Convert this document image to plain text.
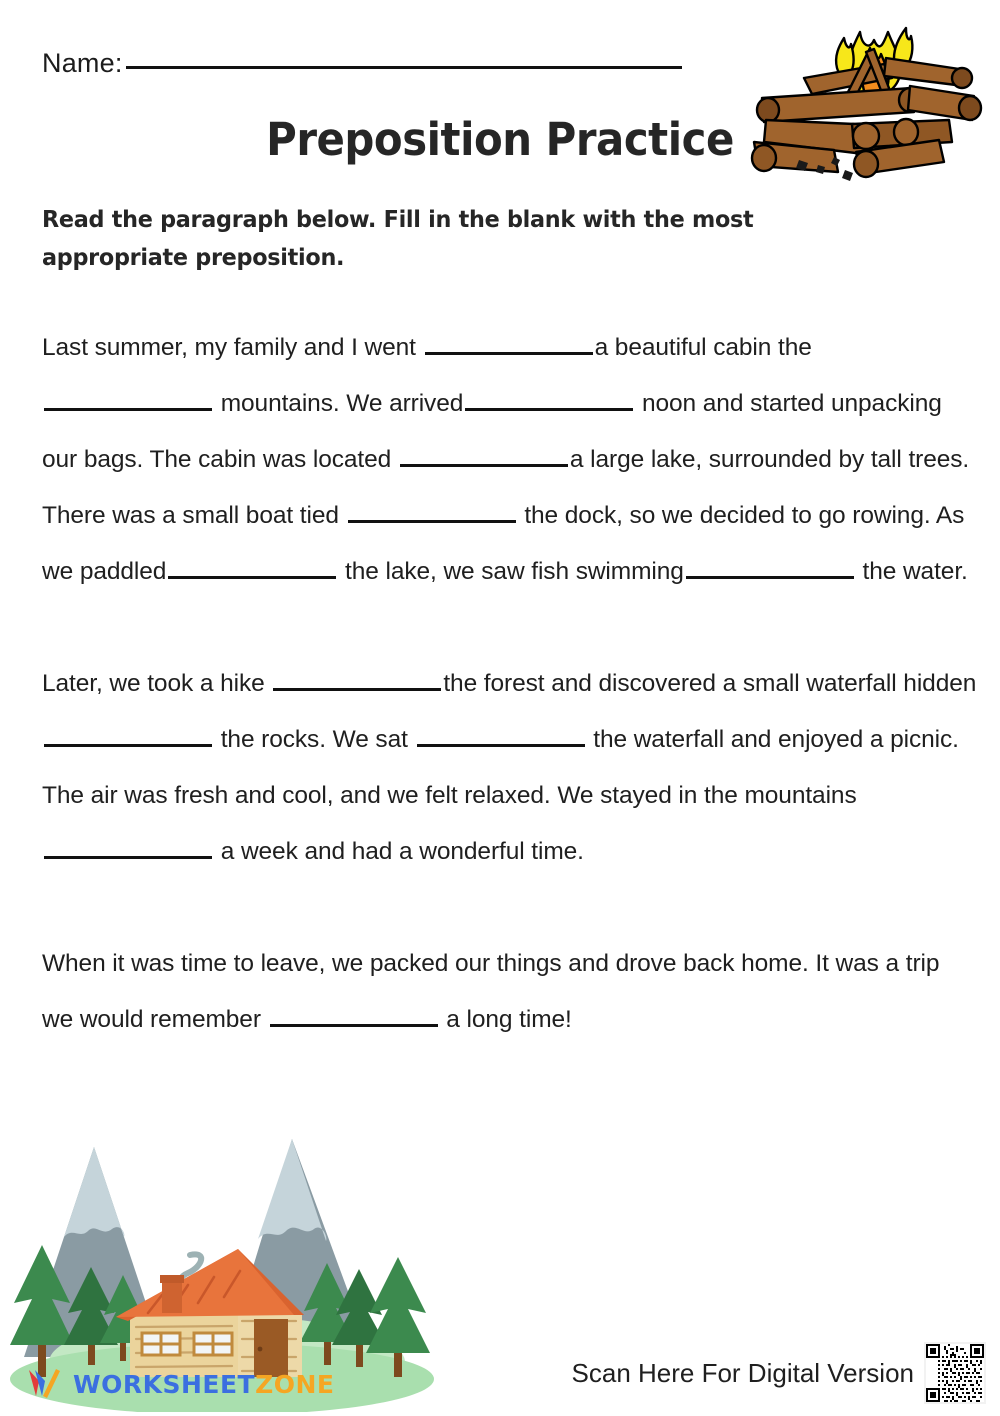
Name:
Preposition Practice
Read the paragraph below. Fill in the blank with the most appropriate preposition.
Last summer, my family and I went	a beautiful cabin the  mountains. We arrived	noon and started unpacking our bags. The cabin was located	a large lake, surrounded by tall trees. There was a small boat tied	the dock, so we decided to go rowing. As we paddled	the lake, we saw fish swimming	the water.
Later, we took a hike	the forest and discovered a small waterfall hidden  the rocks. We sat	the waterfall and enjoyed a picnic. The air was fresh and cool, and we felt relaxed. We stayed in the mountains  a week and had a wonderful time.
When it was time to leave, we packed our things and drove back home. It was a trip we would remember	a long time!
WORKSHEETZONE	Scan Here For Digital Version
